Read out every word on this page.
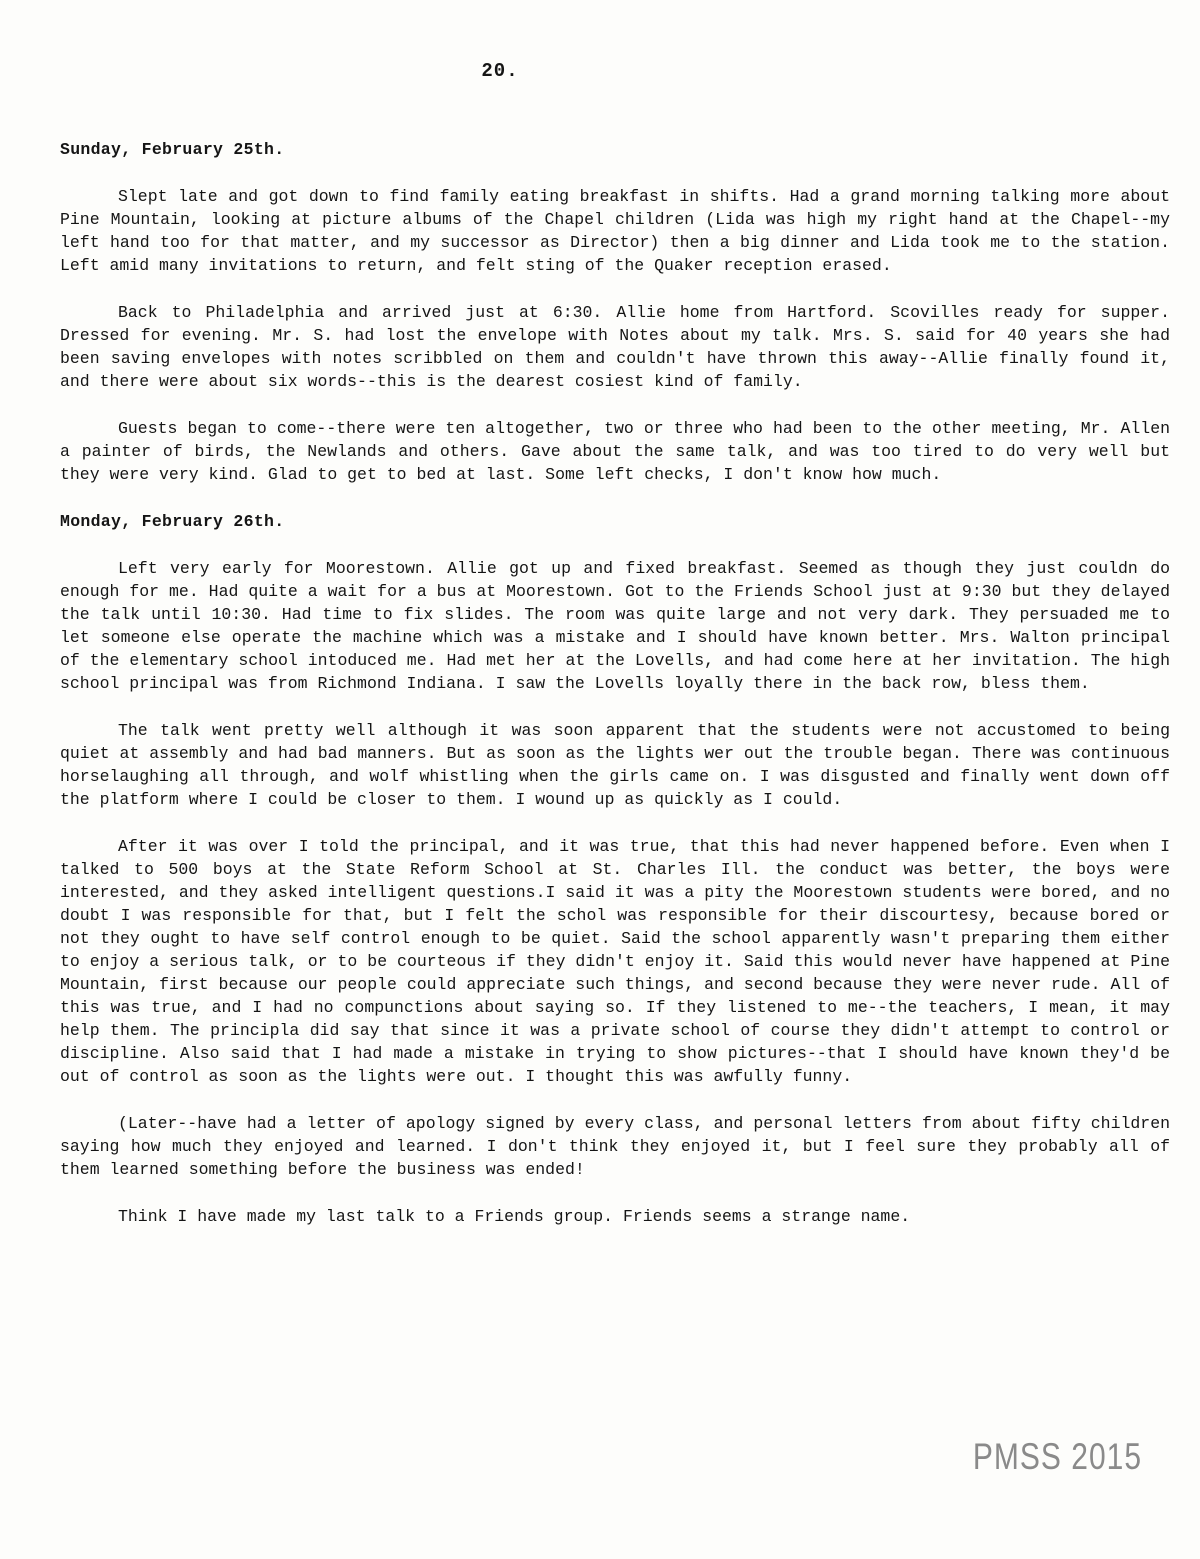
20.
Sunday, February 25th.

Slept late and got down to find family eating breakfast in shifts. Had a grand morning talking more about Pine Mountain, looking at picture albums of the Chapel children (Lida was high my right hand at the Chapel--my left hand too for that matter, and my successor as Director) then a big dinner and Lida took me to the station. Left amid many invitations to return, and felt sting of the Quaker reception erased.

Back to Philadelphia and arrived just at 6:30. Allie home from Hartford. Scovilles ready for supper. Dressed for evening. Mr. S. had lost the envelope with Notes about my talk. Mrs. S. said for 40 years she had been saving envelopes with notes scribbled on them and couldn't have thrown this away--Allie finally found it, and there were about six words--this is the dearest cosiest kind of family.

Guests began to come--there were ten altogether, two or three who had been to the other meeting, Mr. Allen a painter of birds, the Newlands and others. Gave about the same talk, and was too tired to do very well but they were very kind. Glad to get to bed at last. Some left checks, I don't know how much.

Monday, February 26th.

Left very early for Moorestown. Allie got up and fixed breakfast. Seemed as though they just couldn do enough for me. Had quite a wait for a bus at Moorestown. Got to the Friends School just at 9:30 but they delayed the talk until 10:30. Had time to fix slides. The room was quite large and not very dark. They persuaded me to let someone else operate the machine which was a mistake and I should have known better. Mrs. Walton principal of the elementary school intoduced me. Had met her at the Lovells, and had come here at her invitation. The high school principal was from Richmond Indiana. I saw the Lovells loyally there in the back row, bless them.

The talk went pretty well although it was soon apparent that the students were not accustomed to being quiet at assembly and had bad manners. But as soon as the lights wer out the trouble began. There was continuous horselaughing all through, and wolf whistling when the girls came on. I was disgusted and finally went down off the platform where I could be closer to them. I wound up as quickly as I could.

After it was over I told the principal, and it was true, that this had never happened before. Even when I talked to 500 boys at the State Reform School at St. Charles Ill. the conduct was better, the boys were interested, and they asked intelligent questions.I said it was a pity the Moorestown students were bored, and no doubt I was responsible for that, but I felt the schol was responsible for their discourtesy, because bored or not they ought to have self control enough to be quiet. Said the school apparently wasn't preparing them either to enjoy a serious talk, or to be courteous if they didn't enjoy it. Said this would never have happened at Pine Mountain, first because our people could appreciate such things, and second because they were never rude. All of this was true, and I had no compunctions about saying so. If they listened to me--the teachers, I mean, it may help them. The principla did say that since it was a private school of course they didn't attempt to control or discipline. Also said that I had made a mistake in trying to show pictures--that I should have known they'd be out of control as soon as the lights were out. I thought this was awfully funny.

(Later--have had a letter of apology signed by every class, and personal letters from about fifty children saying how much they enjoyed and learned. I don't think they enjoyed it, but I feel sure they probably all of them learned something before the business was ended!

Think I have made my last talk to a Friends group. Friends seems a strange name.

PMSS 2015
